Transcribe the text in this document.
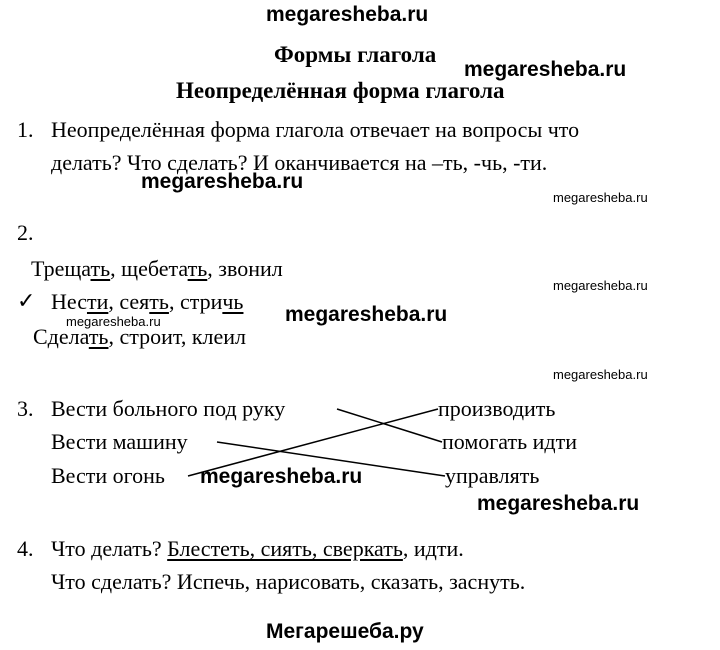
megaresheba.ru
megaresheba.ru
megaresheba.ru
megaresheba.ru
megaresheba.ru
megaresheba.ru	megaresheba.ru
megaresheba.ru
megaresheba.ru
megaresheba.ru
Мегарешеба.ру
Формы глагола
Неопределённая форма глагола
1. Неопределённая форма глагола отвечает на вопросы что
делать? Что сделать? И оканчивается на –ть, -чь, -ти.
2.
Трещать, щебетать, звонил
✓ Нести, сеять, стричь
Сделать, строит, клеил
3. Вести больного под руку
Вести машину
Вести огонь
производить
помогать идти
управлять
4. Что делать? Блестеть, сиять, сверкать, идти.
Что сделать? Испечь, нарисовать, сказать, заснуть.
